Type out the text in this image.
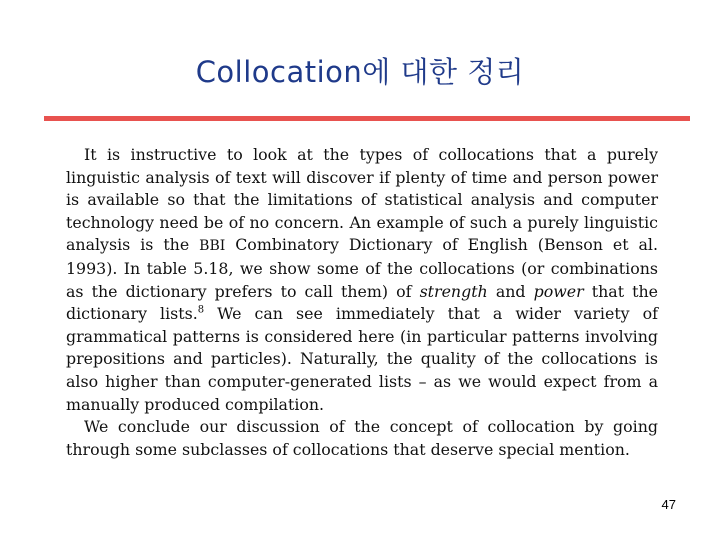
Collocation에 대한 정리

It is instructive to look at the types of collocations that a purely linguistic analysis of text will discover if plenty of time and person power is available so that the limitations of statistical analysis and computer technology need be of no concern. An example of such a purely linguistic analysis is the BBI Combinatory Dictionary of English (Benson et al. 1993). In table 5.18, we show some of the collocations (or combinations as the dictionary prefers to call them) of strength and power that the dictionary lists.$^8$ We can see immediately that a wider variety of grammatical patterns is considered here (in particular patterns involving prepositions and particles). Naturally, the quality of the collocations is also higher than computer-generated lists – as we would expect from a manually produced compilation.

We conclude our discussion of the concept of collocation by going through some subclasses of collocations that deserve special mention.

47
